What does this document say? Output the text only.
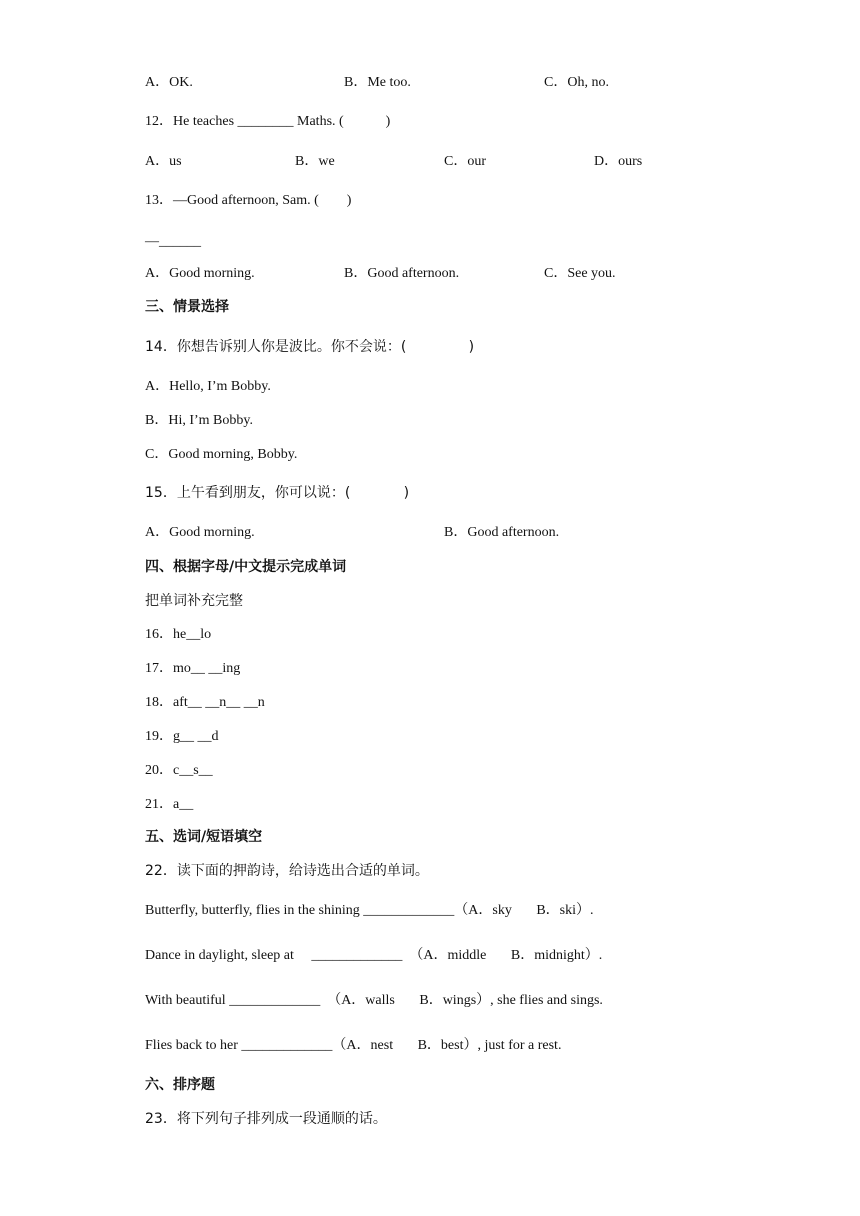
A．OK.	B．Me too.	C．Oh, no.
12．He teaches ________ Maths. (            )
A．us	B．we	C．our	D．ours
13．—Good afternoon, Sam. (        )
—______
A．Good morning.	B．Good afternoon.	C．See you.
三、情景选择
14．你想告诉别人你是波比。你不会说：(              )
A．Hello, I’m Bobby.
B．Hi, I’m Bobby.
C．Good morning, Bobby.
15．上午看到朋友，你可以说：(            )
A．Good morning.	B．Good afternoon.
四、根据字母/中文提示完成单词
把单词补充完整
16．he__lo
17．mo__ __ing
18．aft__ __n__ __n
19．g__ __d
20．c__s__
21．a__
五、选词/短语填空
22．读下面的押韵诗，给诗选出合适的单词。
Butterfly, butterfly, flies in the shining _____________（A．sky       B．ski）.
Dance in daylight, sleep at     _____________  （A．middle       B．midnight）.
With beautiful _____________  （A．walls       B．wings）, she flies and sings.
Flies back to her _____________（A．nest       B．best）, just for a rest.
六、排序题
23．将下列句子排列成一段通顺的话。
